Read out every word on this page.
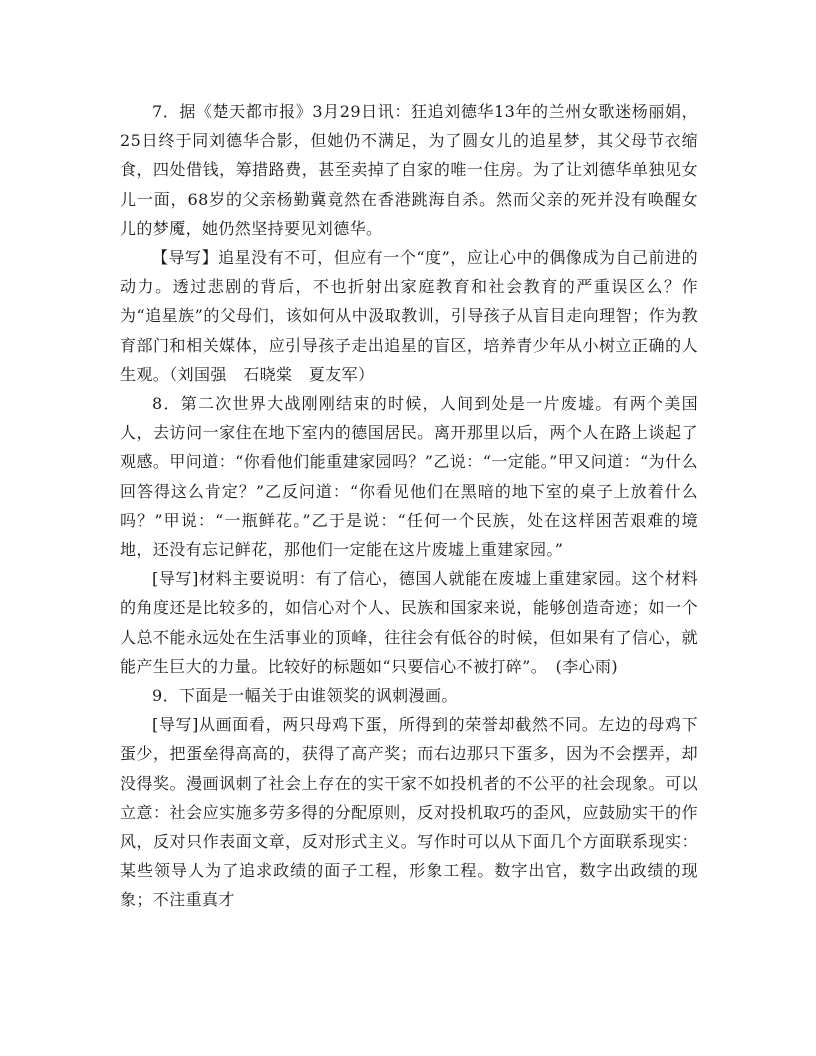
7．据《楚天都市报》3月29日讯：狂追刘德华13年的兰州女歌迷杨丽娟，25日终于同刘德华合影，但她仍不满足，为了圆女儿的追星梦，其父母节衣缩食，四处借钱，筹措路费，甚至卖掉了自家的唯一住房。为了让刘德华单独见女儿一面，68岁的父亲杨勤冀竟然在香港跳海自杀。然而父亲的死并没有唤醒女儿的梦魇，她仍然坚持要见刘德华。

【导写】追星没有不可，但应有一个“度”，应让心中的偶像成为自己前进的动力。透过悲剧的背后，不也折射出家庭教育和社会教育的严重误区么？作为“追星族”的父母们，该如何从中汲取教训，引导孩子从盲目走向理智；作为教育部门和相关媒体，应引导孩子走出追星的盲区，培养青少年从小树立正确的人生观。（刘国强　石晓棠　夏友军）

8．第二次世界大战刚刚结束的时候，人间到处是一片废墟。有两个美国人，去访问一家住在地下室内的德国居民。离开那里以后，两个人在路上谈起了观感。甲问道：“你看他们能重建家园吗？”乙说：“一定能。”甲又问道：“为什么回答得这么肯定？”乙反问道：“你看见他们在黑暗的地下室的桌子上放着什么吗？”甲说：“一瓶鲜花。”乙于是说：“任何一个民族，处在这样困苦艰难的境地，还没有忘记鲜花，那他们一定能在这片废墟上重建家园。”

[导写]材料主要说明：有了信心，德国人就能在废墟上重建家园。这个材料的角度还是比较多的，如信心对个人、民族和国家来说，能够创造奇迹；如一个人总不能永远处在生活事业的顶峰，往往会有低谷的时候，但如果有了信心，就能产生巨大的力量。比较好的标题如“只要信心不被打碎”。　(李心雨)

9．下面是一幅关于由谁领奖的讽刺漫画。

[导写]从画面看，两只母鸡下蛋，所得到的荣誉却截然不同。左边的母鸡下蛋少，把蛋垒得高高的，获得了高产奖；而右边那只下蛋多，因为不会摆弄，却没得奖。漫画讽刺了社会上存在的实干家不如投机者的不公平的社会现象。可以立意：社会应实施多劳多得的分配原则，反对投机取巧的歪风，应鼓励实干的作风，反对只作表面文章，反对形式主义。写作时可以从下面几个方面联系现实：某些领导人为了追求政绩的面子工程，形象工程。数字出官，数字出政绩的现象；不注重真才
